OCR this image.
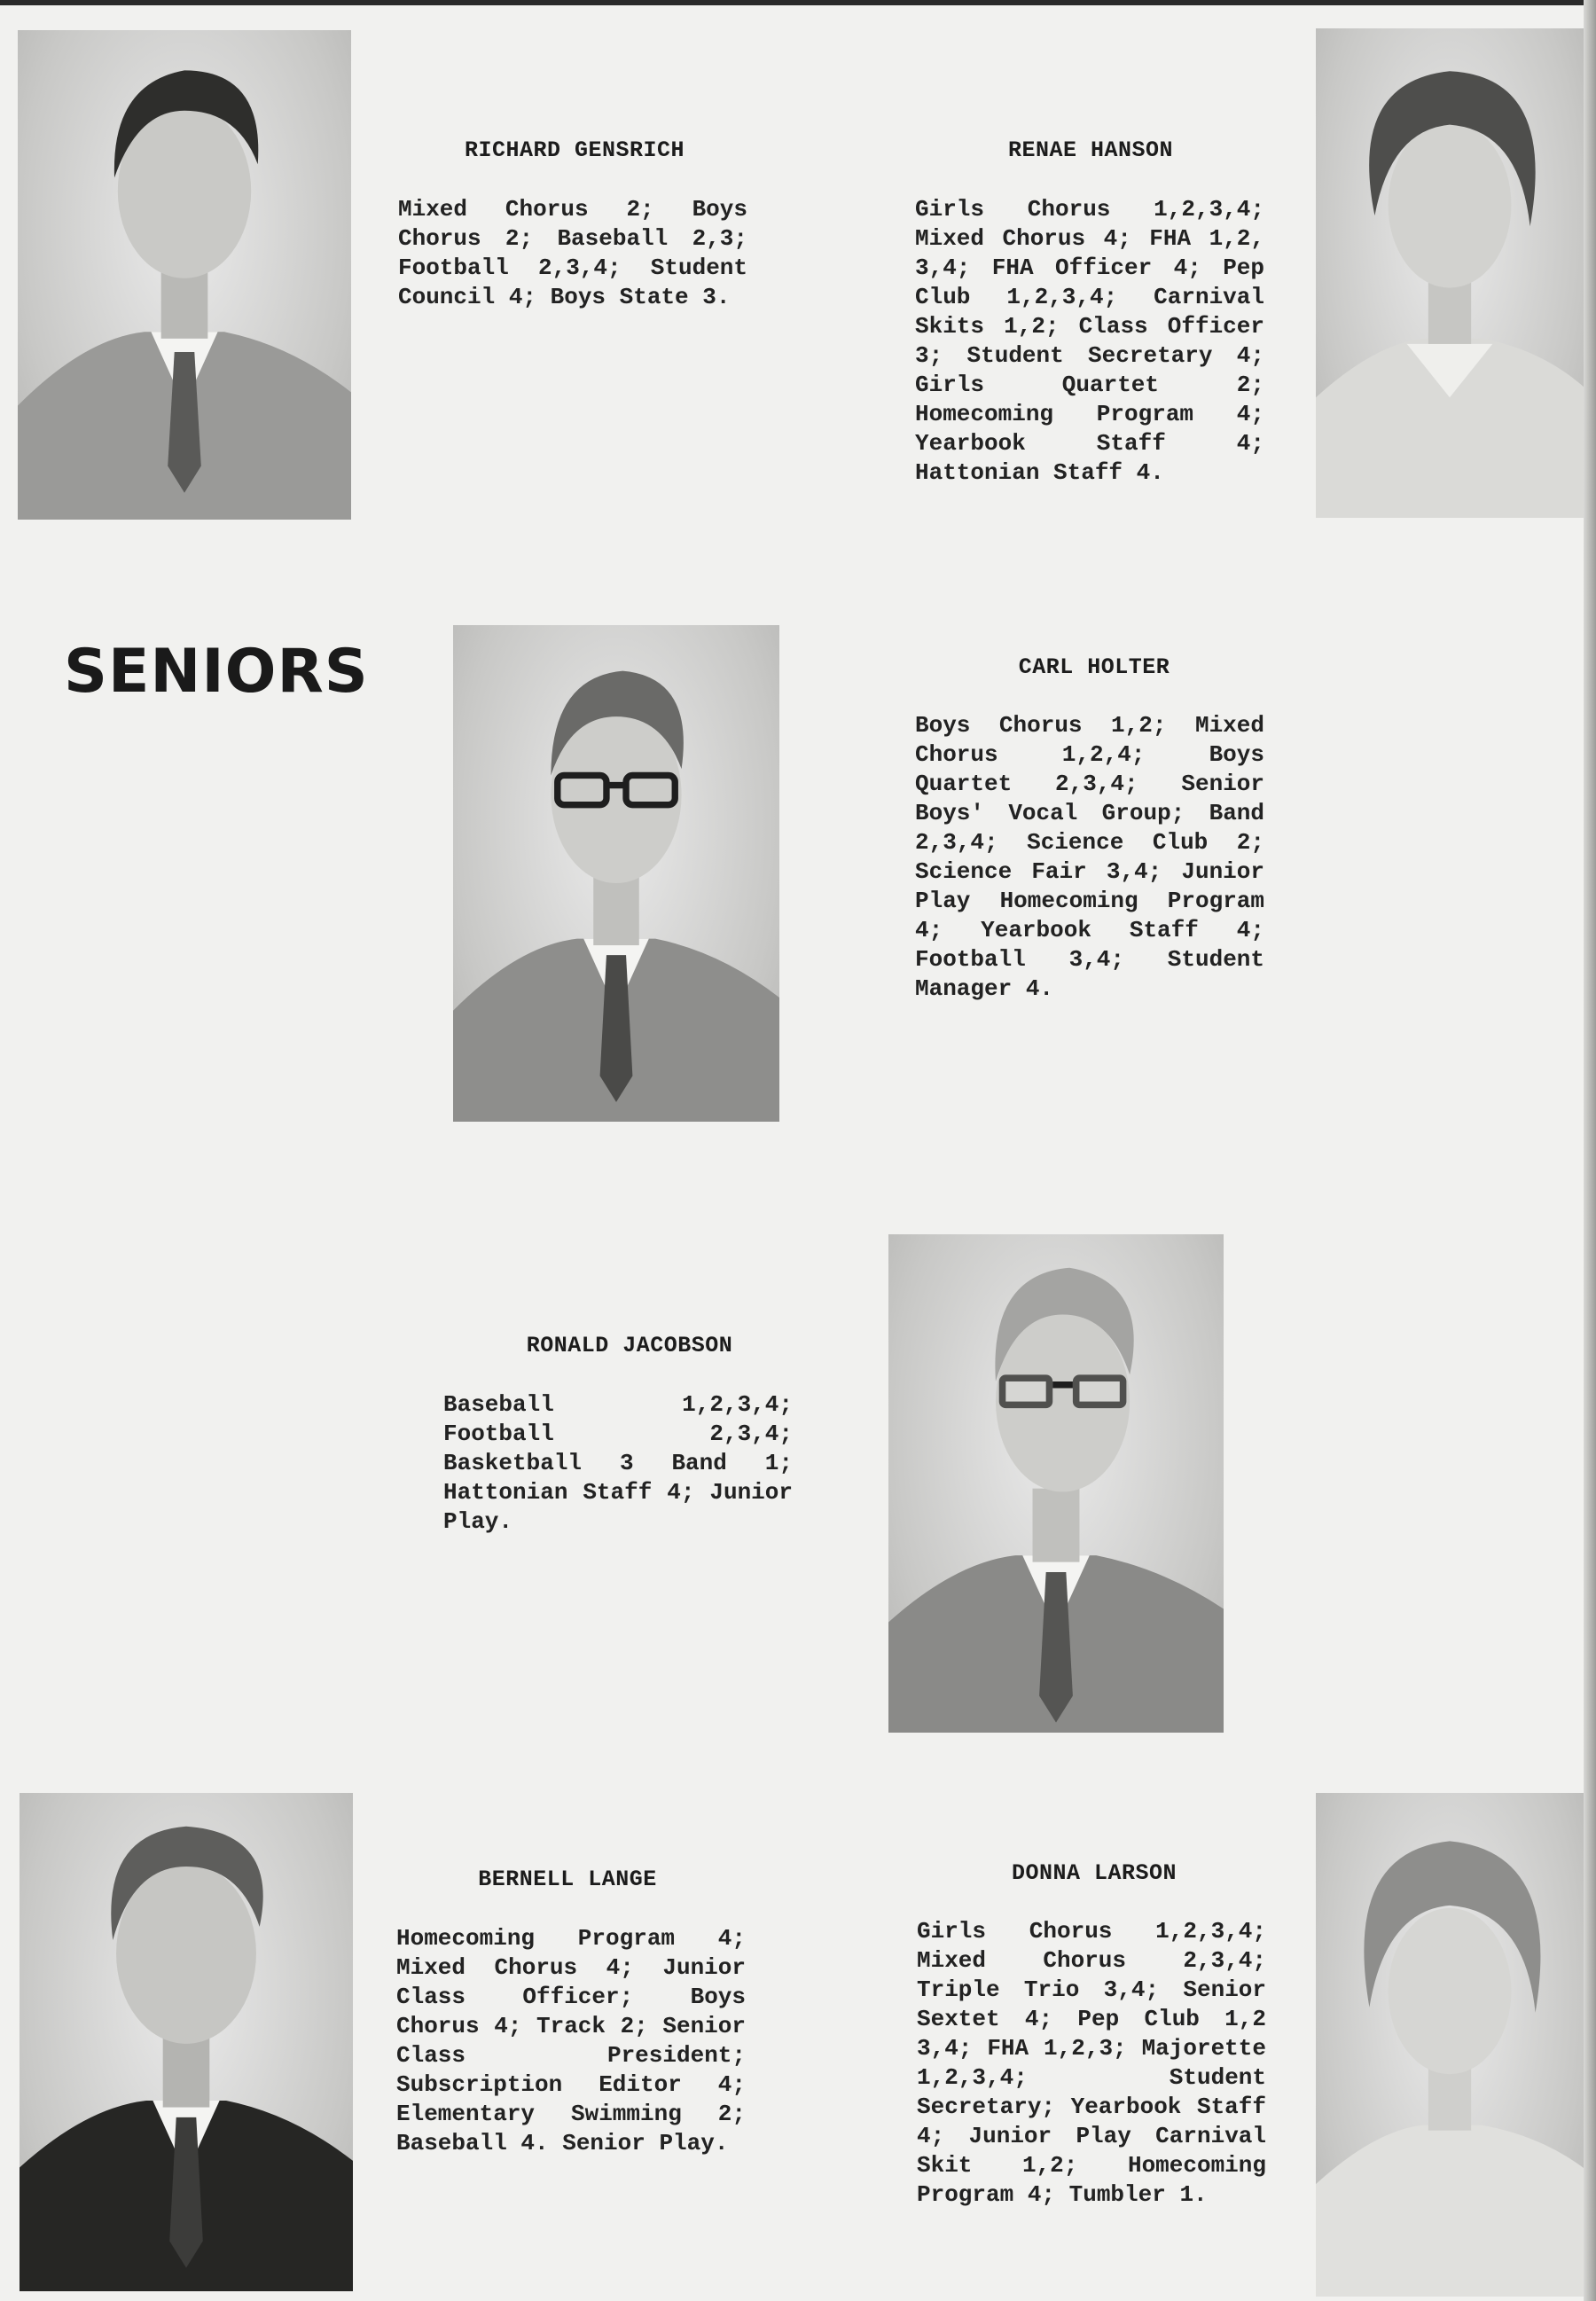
SENIORS
RICHARD GENSRICH

Mixed Chorus 2; Boys Chorus 2; Baseball 2,3; Football 2,3,4; Student Council 4; Boys State 3.

RENAE HANSON

Girls Chorus 1,2,3,4; Mixed Chorus 4; FHA 1,2, 3,4; FHA Officer 4; Pep Club 1,2,3,4; Carnival Skits 1,2; Class Officer 3; Student Secretary 4; Girls Quartet 2; Homecoming Program 4; Yearbook Staff 4; Hattonian Staff 4.

CARL HOLTER

Boys Chorus 1,2; Mixed Chorus 1,2,4; Boys Quartet 2,3,4; Senior Boys' Vocal Group; Band 2,3,4; Science Club 2; Science Fair 3,4; Junior Play Homecoming Program 4; Yearbook Staff 4; Football 3,4; Student Manager 4.

RONALD JACOBSON

Baseball 1,2,3,4; Football 2,3,4; Basketball 3 Band 1; Hattonian Staff 4; Junior Play.

BERNELL LANGE

Homecoming Program 4; Mixed Chorus 4; Junior Class Officer; Boys Chorus 4; Track 2; Senior Class President; Subscription Editor 4; Elementary Swimming 2; Baseball 4. Senior Play.

DONNA LARSON

Girls Chorus 1,2,3,4; Mixed Chorus 2,3,4; Triple Trio 3,4; Senior Sextet 4; Pep Club 1,2 3,4; FHA 1,2,3; Majorette 1,2,3,4; Student Secretary; Yearbook Staff 4; Junior Play Carnival Skit 1,2; Homecoming Program 4; Tumbler 1.
